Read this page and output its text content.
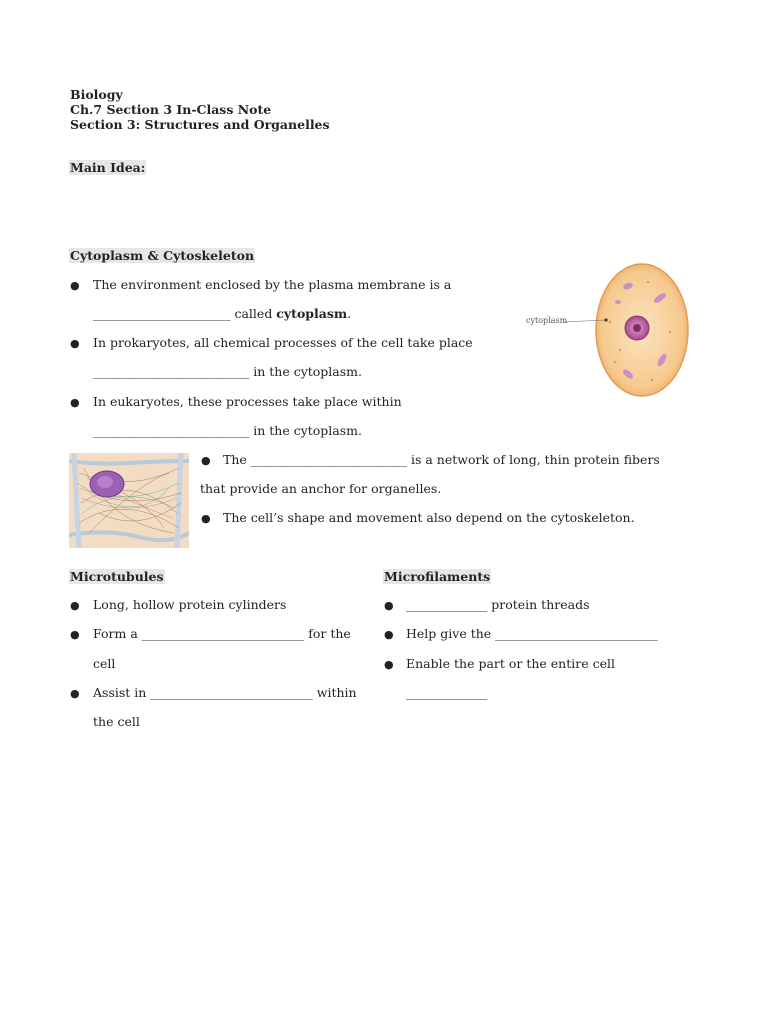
Biology
Ch.7 Section 3 In-Class Note
Section 3: Structures and Organelles
Main Idea:
Cytoplasm & Cytoskeleton
●
The environment enclosed by the plasma membrane is a
______________________ called cytoplasm.
●
In prokaryotes, all chemical processes of the cell take place
_________________________ in the cytoplasm.
●
In eukaryotes, these processes take place within
_________________________ in the cytoplasm.
●
The _________________________ is a network of long, thin protein fibers
that provide an anchor for organelles.
●
The cell’s shape and movement also depend on the cytoskeleton.
cytoplasm
Microtubules
●
Long, hollow protein cylinders
●
Form a __________________________ for the
cell
●
Assist in __________________________ within
the cell
Microfilaments
●
_____________ protein threads
●
Help give the __________________________
●
Enable the part or the entire cell
_____________
